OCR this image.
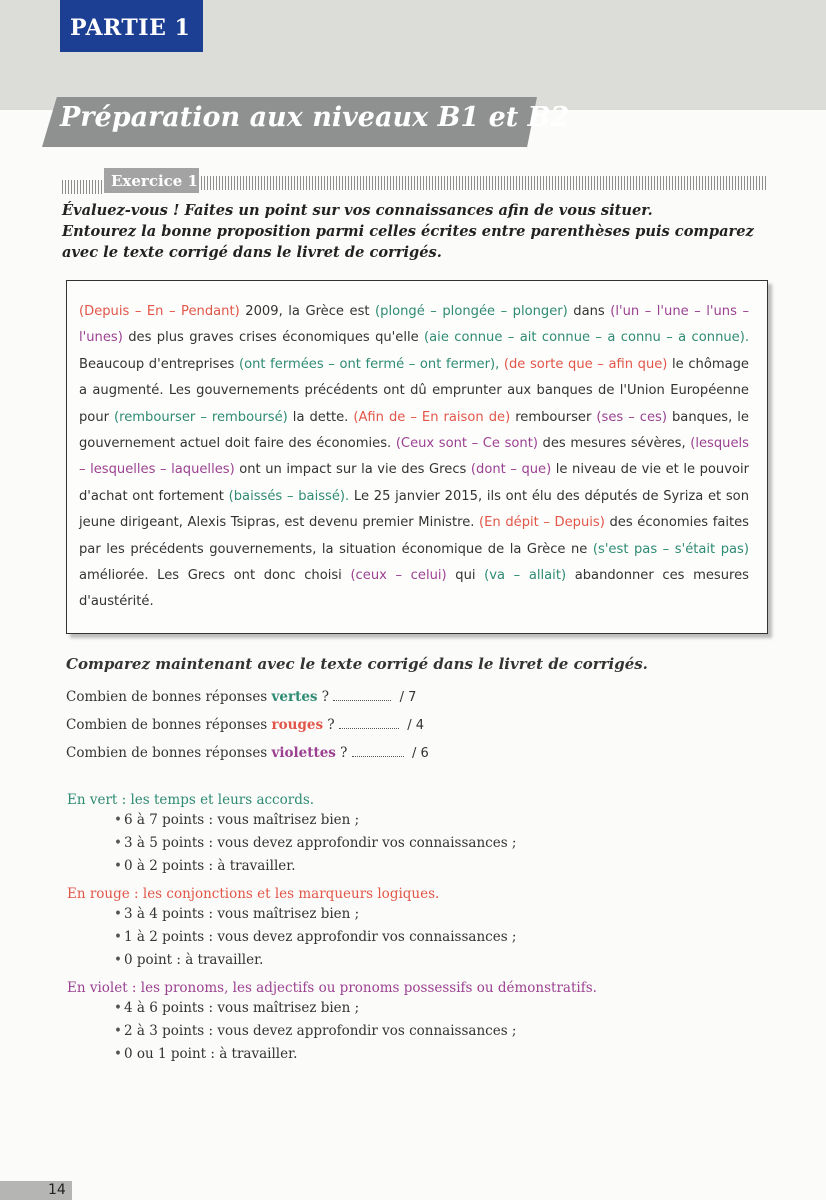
PARTIE 1
Préparation aux niveaux B1 et B2
Exercice 1
Évaluez-vous ! Faites un point sur vos connaissances afin de vous situer.
Entourez la bonne proposition parmi celles écrites entre parenthèses puis comparez
avec le texte corrigé dans le livret de corrigés.
(Depuis – En – Pendant) 2009, la Grèce est (plongé – plongée – plonger) dans (l'un – l'une – l'uns – l'unes) des plus graves crises économiques qu'elle (aie connue – ait connue – a connu – a connue). Beaucoup d'entreprises (ont fermées – ont fermé – ont fermer), (de sorte que – afin que) le chômage a augmenté. Les gouvernements précédents ont dû emprunter aux banques de l'Union Européenne pour (rembourser – remboursé) la dette. (Afin de – En raison de) rembourser (ses – ces) banques, le gouvernement actuel doit faire des économies. (Ceux sont – Ce sont) des mesures sévères, (lesquels – lesquelles – laquelles) ont un impact sur la vie des Grecs (dont – que) le niveau de vie et le pouvoir d'achat ont fortement (baissés – baissé). Le 25 janvier 2015, ils ont élu des députés de Syriza et son jeune dirigeant, Alexis Tsipras, est devenu premier Ministre. (En dépit – Depuis) des économies faites par les précédents gouvernements, la situation économique de la Grèce ne (s'est pas – s'était pas) améliorée. Les Grecs ont donc choisi (ceux – celui) qui (va – allait) abandonner ces mesures d'austérité.
Comparez maintenant avec le texte corrigé dans le livret de corrigés.
Combien de bonnes réponses vertes ?	/ 7
Combien de bonnes réponses rouges ?	/ 4
Combien de bonnes réponses violettes ?	/ 6
En vert : les temps et leurs accords.
• 6 à 7 points : vous maîtrisez bien ;
• 3 à 5 points : vous devez approfondir vos connaissances ;
• 0 à 2 points : à travailler.
En rouge : les conjonctions et les marqueurs logiques.
• 3 à 4 points : vous maîtrisez bien ;
• 1 à 2 points : vous devez approfondir vos connaissances ;
• 0 point : à travailler.
En violet : les pronoms, les adjectifs ou pronoms possessifs ou démonstratifs.
• 4 à 6 points : vous maîtrisez bien ;
• 2 à 3 points : vous devez approfondir vos connaissances ;
• 0 ou 1 point : à travailler.
14
